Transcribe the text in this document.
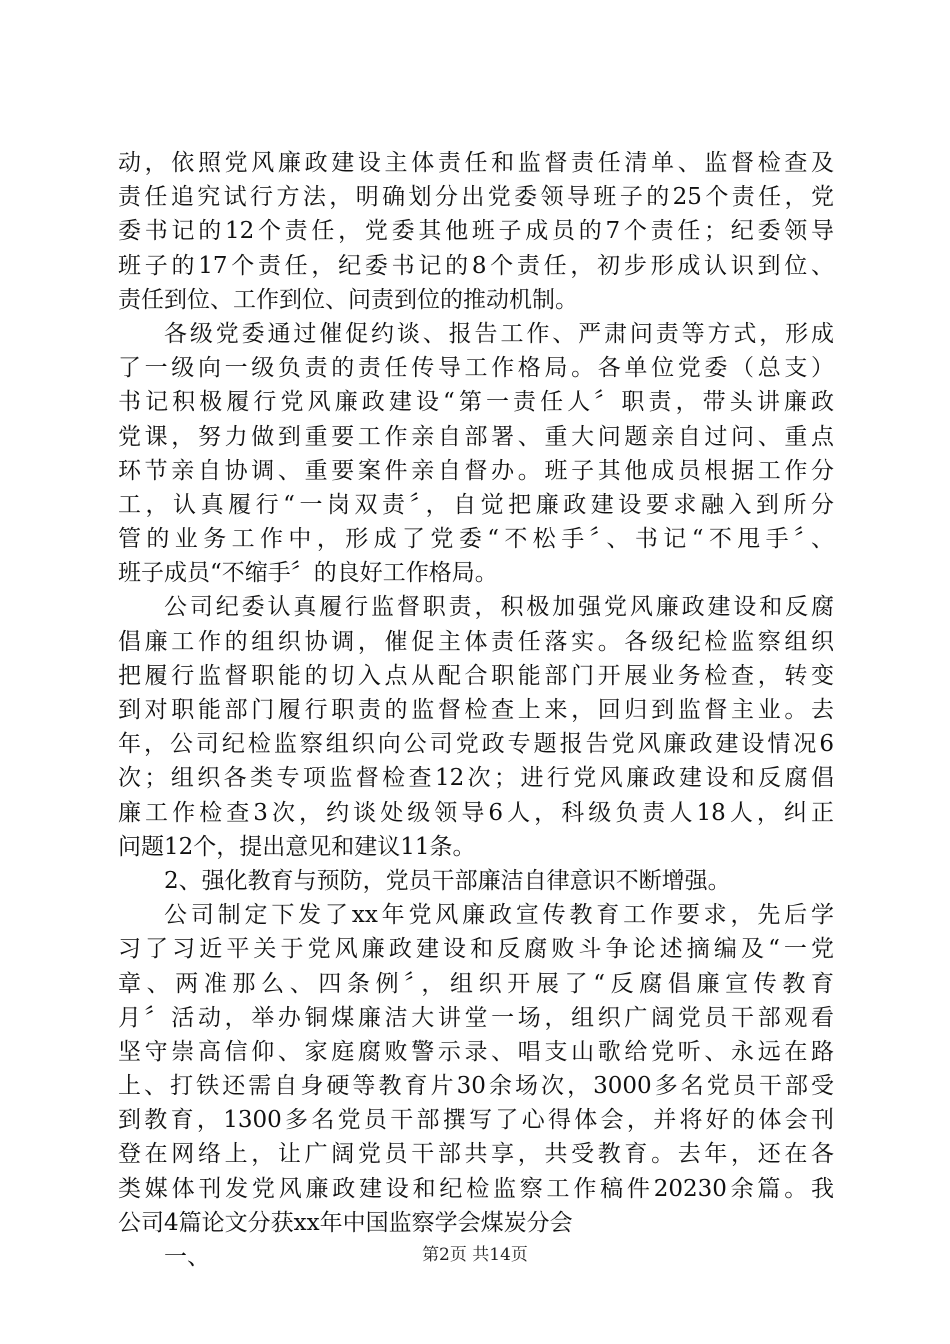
动，依照党风廉政建设主体责任和监督责任清单、监督检查及
责任追究试行方法，明确划分出党委领导班子的25个责任，党
委书记的12个责任，党委其他班子成员的7个责任；纪委领导
班子的17个责任，纪委书记的8个责任，初步形成认识到位、
责任到位、工作到位、问责到位的推动机制。
各级党委通过催促约谈、报告工作、严肃问责等方式，形成
了一级向一级负责的责任传导工作格局。各单位党委（总支）
书记积极履行党风廉政建设“第一责任人〞职责，带头讲廉政
党课，努力做到重要工作亲自部署、重大问题亲自过问、重点
环节亲自协调、重要案件亲自督办。班子其他成员根据工作分
工，认真履行“一岗双责〞，自觉把廉政建设要求融入到所分
管的业务工作中，形成了党委“不松手〞、书记“不甩手〞、
班子成员“不缩手〞的良好工作格局。
公司纪委认真履行监督职责，积极加强党风廉政建设和反腐
倡廉工作的组织协调，催促主体责任落实。各级纪检监察组织
把履行监督职能的切入点从配合职能部门开展业务检查，转变
到对职能部门履行职责的监督检查上来，回归到监督主业。去
年，公司纪检监察组织向公司党政专题报告党风廉政建设情况6
次；组织各类专项监督检查12次；进行党风廉政建设和反腐倡
廉工作检查3次，约谈处级领导6人，科级负责人18人，纠正
问题12个，提出意见和建议11条。
2、强化教育与预防，党员干部廉洁自律意识不断增强。
公司制定下发了xx年党风廉政宣传教育工作要求，先后学
习了习近平关于党风廉政建设和反腐败斗争论述摘编及“一党
章、两准那么、四条例〞，组织开展了“反腐倡廉宣传教育
月〞活动，举办铜煤廉洁大讲堂一场，组织广阔党员干部观看
坚守崇高信仰、家庭腐败警示录、唱支山歌给党听、永远在路
上、打铁还需自身硬等教育片30余场次，3000多名党员干部受
到教育，1300多名党员干部撰写了心得体会，并将好的体会刊
登在网络上，让广阔党员干部共享，共受教育。去年，还在各
类媒体刊发党风廉政建设和纪检监察工作稿件20230余篇。我
公司4篇论文分获xx年中国监察学会煤炭分会
一、	第2页 共14页
